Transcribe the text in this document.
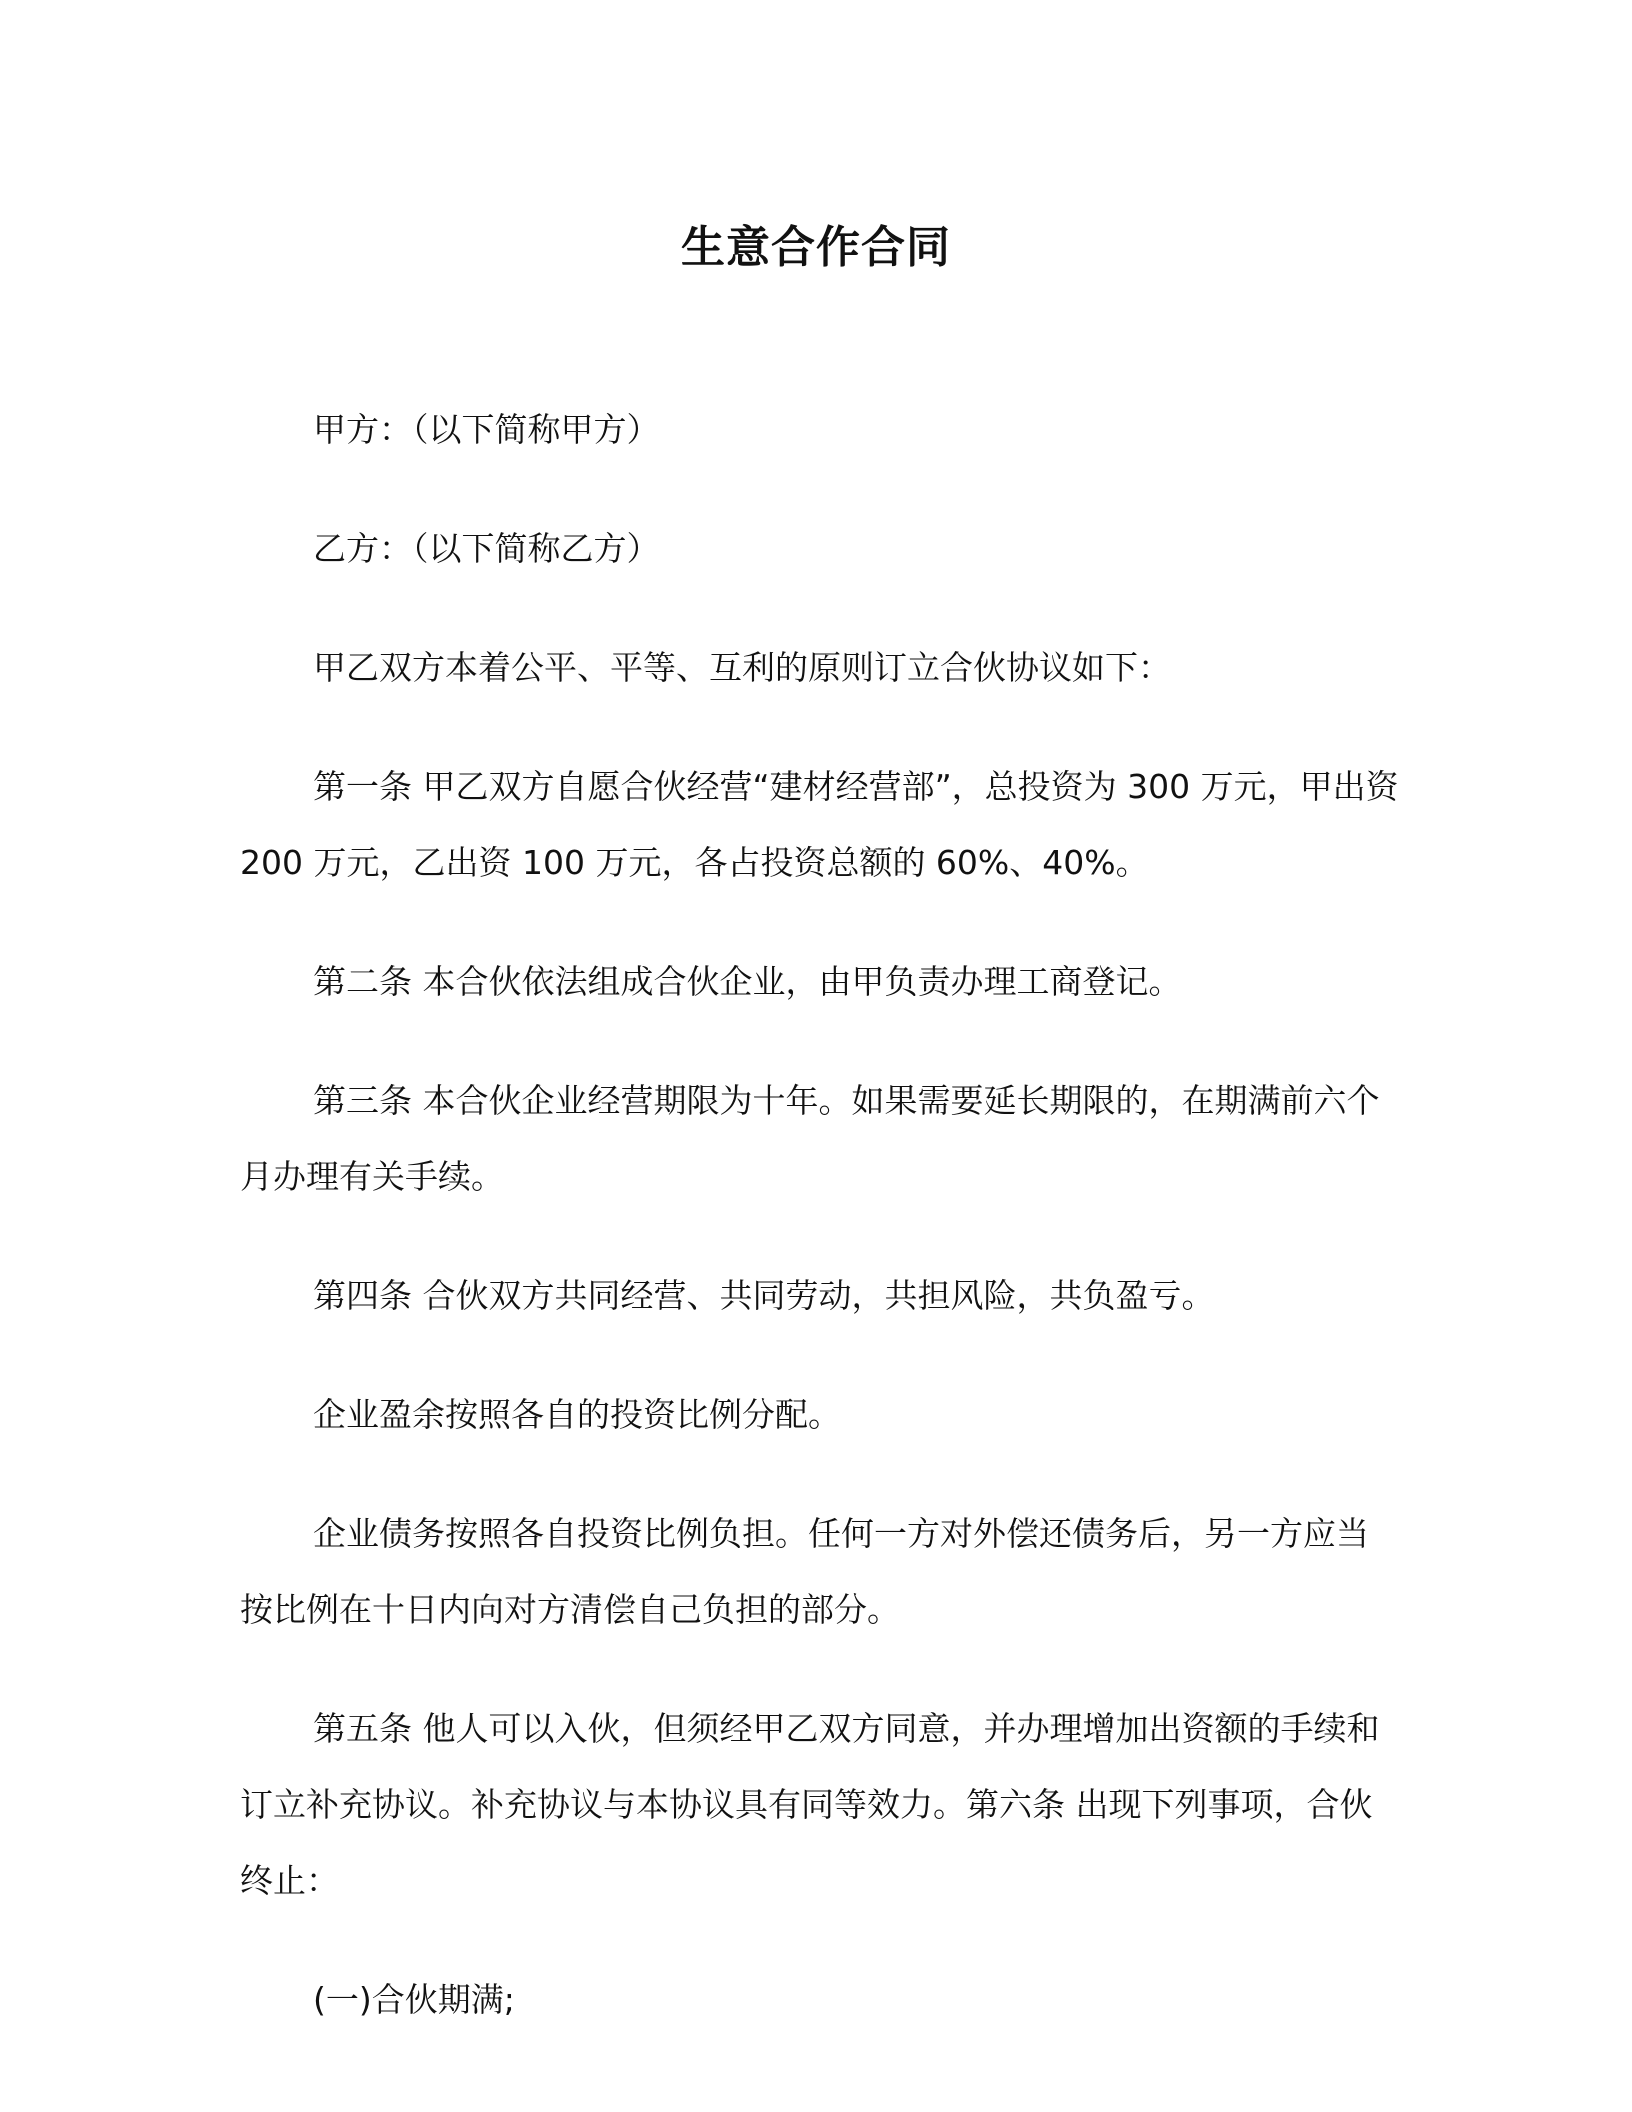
生意合作合同

甲方：（以下简称甲方）

乙方：（以下简称乙方）

甲乙双方本着公平、平等、互利的原则订立合伙协议如下：

第一条 甲乙双方自愿合伙经营“建材经营部”，总投资为 300 万元，甲出资 200 万元，乙出资 100 万元，各占投资总额的 60%、40%。

第二条 本合伙依法组成合伙企业，由甲负责办理工商登记。

第三条 本合伙企业经营期限为十年。如果需要延长期限的，在期满前六个月办理有关手续。

第四条 合伙双方共同经营、共同劳动，共担风险，共负盈亏。

企业盈余按照各自的投资比例分配。

企业债务按照各自投资比例负担。任何一方对外偿还债务后，另一方应当按比例在十日内向对方清偿自己负担的部分。

第五条 他人可以入伙，但须经甲乙双方同意，并办理增加出资额的手续和订立补充协议。补充协议与本协议具有同等效力。第六条 出现下列事项，合伙终止：

(一)合伙期满;
